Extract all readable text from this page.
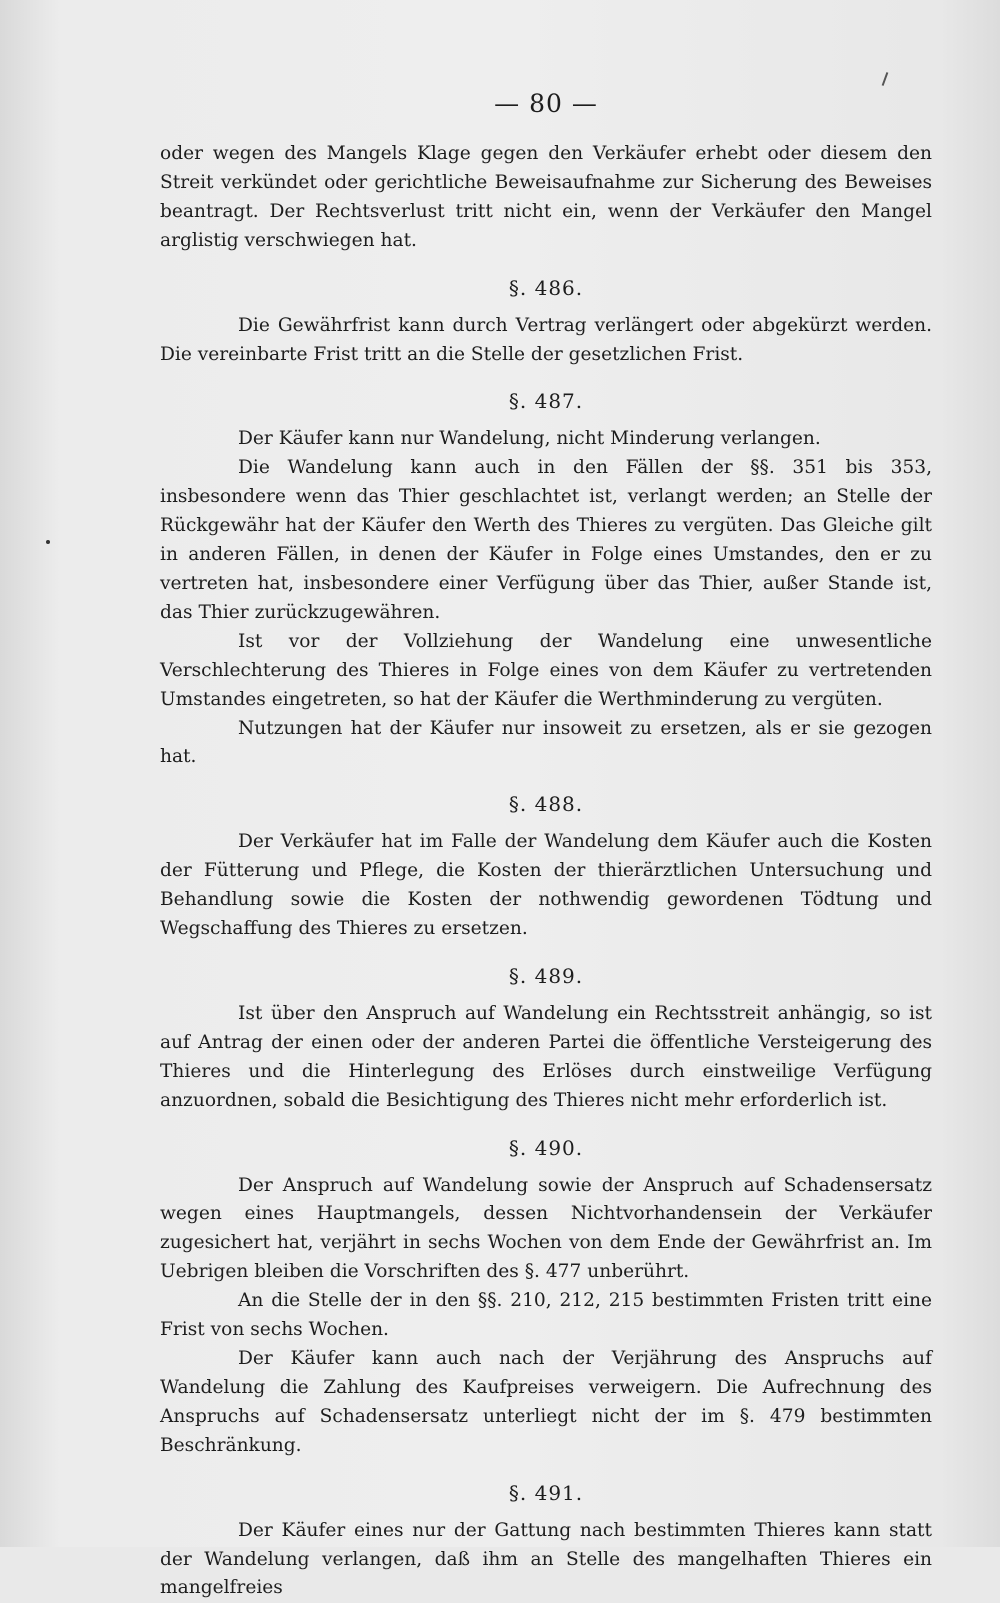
— 80 —

oder wegen des Mangels Klage gegen den Verkäufer erhebt oder diesem den Streit verkündet oder gerichtliche Beweisaufnahme zur Sicherung des Beweises beantragt. Der Rechtsverlust tritt nicht ein, wenn der Verkäufer den Mangel arglistig verschwiegen hat.

§. 486.

Die Gewährfrist kann durch Vertrag verlängert oder abgekürzt werden. Die vereinbarte Frist tritt an die Stelle der gesetzlichen Frist.

§. 487.

Der Käufer kann nur Wandelung, nicht Minderung verlangen.

Die Wandelung kann auch in den Fällen der §§. 351 bis 353, insbesondere wenn das Thier geschlachtet ist, verlangt werden; an Stelle der Rückgewähr hat der Käufer den Werth des Thieres zu vergüten. Das Gleiche gilt in anderen Fällen, in denen der Käufer in Folge eines Umstandes, den er zu vertreten hat, insbesondere einer Verfügung über das Thier, außer Stande ist, das Thier zurückzugewähren.

Ist vor der Vollziehung der Wandelung eine unwesentliche Verschlechterung des Thieres in Folge eines von dem Käufer zu vertretenden Umstandes eingetreten, so hat der Käufer die Werthminderung zu vergüten.

Nutzungen hat der Käufer nur insoweit zu ersetzen, als er sie gezogen hat.

§. 488.

Der Verkäufer hat im Falle der Wandelung dem Käufer auch die Kosten der Fütterung und Pflege, die Kosten der thierärztlichen Untersuchung und Behandlung sowie die Kosten der nothwendig gewordenen Tödtung und Wegschaffung des Thieres zu ersetzen.

§. 489.

Ist über den Anspruch auf Wandelung ein Rechtsstreit anhängig, so ist auf Antrag der einen oder der anderen Partei die öffentliche Versteigerung des Thieres und die Hinterlegung des Erlöses durch einstweilige Verfügung anzuordnen, sobald die Besichtigung des Thieres nicht mehr erforderlich ist.

§. 490.

Der Anspruch auf Wandelung sowie der Anspruch auf Schadensersatz wegen eines Hauptmangels, dessen Nichtvorhandensein der Verkäufer zugesichert hat, verjährt in sechs Wochen von dem Ende der Gewährfrist an. Im Uebrigen bleiben die Vorschriften des §. 477 unberührt.

An die Stelle der in den §§. 210, 212, 215 bestimmten Fristen tritt eine Frist von sechs Wochen.

Der Käufer kann auch nach der Verjährung des Anspruchs auf Wandelung die Zahlung des Kaufpreises verweigern. Die Aufrechnung des Anspruchs auf Schadensersatz unterliegt nicht der im §. 479 bestimmten Beschränkung.

§. 491.

Der Käufer eines nur der Gattung nach bestimmten Thieres kann statt der Wandelung verlangen, daß ihm an Stelle des mangelhaften Thieres ein mangelfreies
